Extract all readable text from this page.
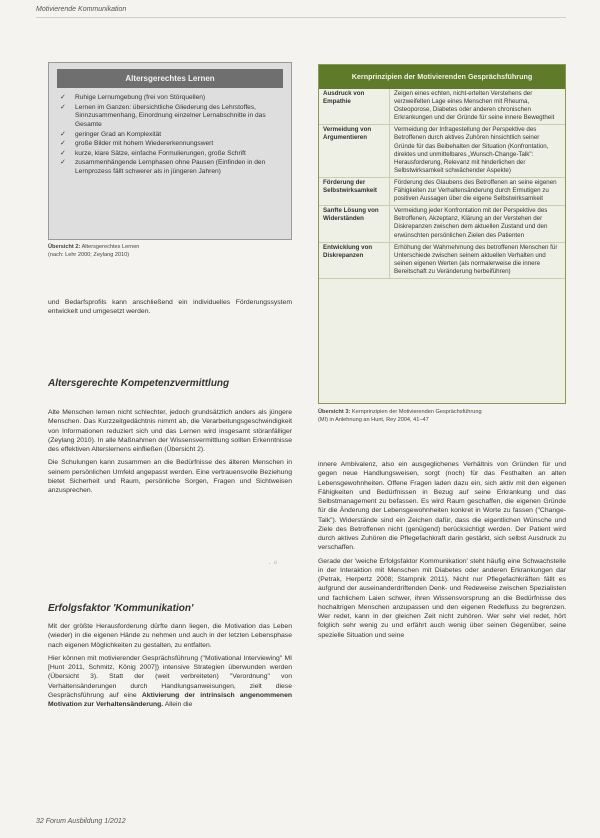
Motivierende Kommunikation
Altersgerechtes Lernen
✓ Ruhige Lernumgebung (frei von Störquellen)
✓ Lernen im Ganzen: übersichtliche Gliederung des Lehrstoffes, Sinnzusammenhang, Einordnung einzelner Lernabschnitte in das Gesamte
✓ geringer Grad an Komplexität
✓ große Bilder mit hohem Wiedererkennungswert
✓ kurze, klare Sätze, einfache Formulierungen, große Schrift
✓ zusammenhängende Lernphasen ohne Pausen (Einfinden in den Lernprozess fällt schwerer als in jüngeren Jahren)
Übersicht 2: Altersgerechtes Lernen
(nach: Lehr 2000; Zeylang 2010)
und Bedarfsprofils kann anschließend ein individuelles Förderungssystem entwickelt und umgesetzt werden.
Altersgerechte Kompetenzvermittlung

Alte Menschen lernen nicht schlechter, jedoch grundsätzlich anders als jüngere Menschen. Das Kurzzeitgedächtnis nimmt ab, die Verarbeitungsgeschwindigkeit von Informationen reduziert sich und das Lernen wird insgesamt störanfälliger (Zeylang 2010). In alle Maßnahmen der Wissensvermittlung sollten Erkenntnisse des effektiven Alterslernens einfließen (Übersicht 2).

Die Schulungen kann zusammen an die Bedürfnisse des älteren Menschen in seinem persönlichen Umfeld angepasst werden. Eine vertrauensvolle Beziehung bietet Sicherheit und Raum, persönliche Sorgen, Fragen und Sichtweisen anzusprechen.

· ⁸
Erfolgsfaktor 'Kommunikation'

Mit der größte Herausforderung dürfte dann liegen, die Motivation das Leben (wieder) in die eigenen Hände zu nehmen und auch in der letzten Lebensphase nach eigenen Möglichkeiten zu gestalten, zu entfalten.

Hier können mit motivierender Gesprächsführung ("Motivational Interviewing" MI [Hunt 2011, Schmitz, König 2007]) intensive Strategien überwunden werden (Übersicht 3). Statt der (weit verbreiteten) "Verordnung" von Verhaltensänderungen durch Handlungsanweisungen, zielt diese Gesprächsführung auf eine Aktivierung der intrinsisch angenommenen Motivation zur Verhaltensänderung. Allein die

Kernprinzipien der Motivierenden Gesprächsführung
Ausdruck von Empathie	Zeigen eines echten, nicht-ertelten Verstehens der verzweifelten Lage eines Menschen mit Rheuma, Osteoporose, Diabetes oder anderen chronischen Erkrankungen und der Gründe für seine innere Bewegtheit
Vermeidung von Argumentieren	Vermeidung der Infragestellung der Perspektive des Betroffenen durch aktives Zuhören hinsichtlich seiner Gründe für das Beibehalten der Situation (Konfrontation, direktes und unmittelbares „Wunsch-Change-Talk": Herausforderung, Relevanz mit hinderlichen der Selbstwirksamkeit schwächender Aspekte)
Förderung der Selbstwirksamkeit	Förderung des Glaubens des Betroffenen an seine eigenen Fähigkeiten zur Verhaltensänderung durch Ermutigen zu positiven Aussagen über die eigene Selbstwirksamkeit
Sanfte Lösung von Widerständen	Vermeidung jeder Konfrontation mit der Perspektive des Betroffenen, Akzeptanz, Klärung an der Verstehen der Diskrepanzen zwischen dem aktuellen Zustand und den erwünschten persönlichen Zielen des Patienten
Entwicklung von Diskrepanzen	Erhöhung der Wahrnehmung des betroffenen Menschen für Unterschiede zwischen seinem aktuellen Verhalten und seinen eigenen Werten (als normalerweise die innere Bereitschaft zu Veränderung herbeiführen)
Übersicht 3: Kernprinzipien der Motivierenden Gesprächsführung
(MI) in Anlehnung an Hunt, Rey 2004, 41–47

innere Ambivalenz, also ein ausgeglichenes Verhältnis von Gründen für und gegen neue Handlungsweisen, sorgt (noch) für das Festhalten an alten Lebensgewohnheiten. Offene Fragen laden dazu ein, sich aktiv mit den eigenen Fähigkeiten und Bedürfnissen in Bezug auf seine Erkrankung und das Selbstmanagement zu befassen. Es wird Raum geschaffen, die eigenen Gründe für die Änderung der Lebensgewohnheiten konkret in Worte zu fassen ("Change-Talk"). Widerstände sind ein Zeichen dafür, dass die eigentlichen Wünsche und Ziele des Betroffenen nicht (genügend) berücksichtigt werden. Der Patient wird durch aktives Zuhören die Pflegefachkraft darin gestärkt, sich selbst Ausdruck zu verschaffen.

Gerade der 'weiche Erfolgsfaktor Kommunikation' steht häufig eine Schwachstelle in der Interaktion mit Menschen mit Diabetes oder anderen Erkrankungen dar (Petrak, Herpertz 2008; Stampnik 2011). Nicht nur Pflegefachkräften fällt es aufgrund der auseinanderdriftenden Denk- und Redeweise zwischen Spezialisten und fachlichem Laien schwer, ihren Wissensvorsprung an die Bedürfnisse des hochaltrigen Menschen anzupassen und den eigenen Redefluss zu begrenzen. Wer redet, kann in der gleichen Zeit nicht zuhören. Wer sehr viel redet, hört folglich sehr wenig zu und erfährt auch wenig über seinen Gegenüber, seine spezielle Situation und seine

32 Forum Ausbildung 1/2012
